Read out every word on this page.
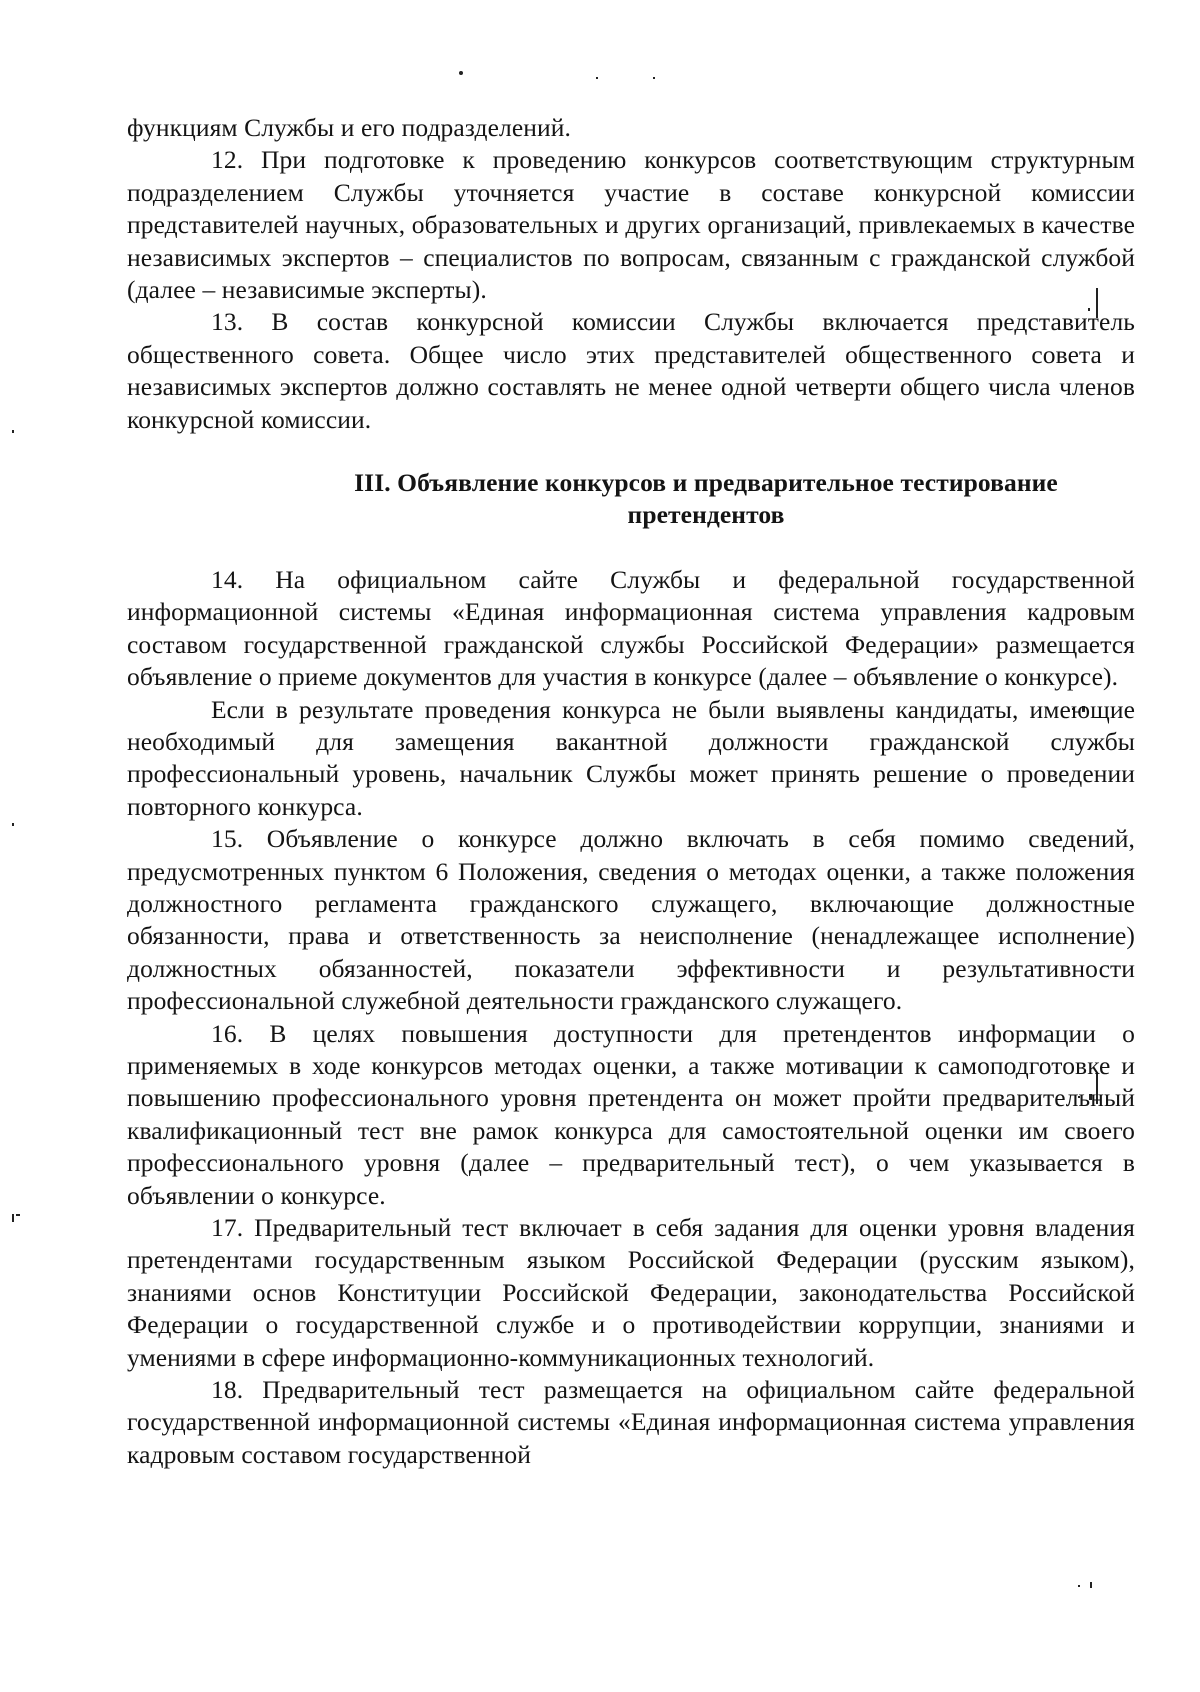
функциям Службы и его подразделений.

12. При подготовке к проведению конкурсов соответствующим структурным подразделением Службы уточняется участие в составе конкурсной комиссии представителей научных, образовательных и других организаций, привлекаемых в качестве независимых экспертов – специалистов по вопросам, связанным с гражданской службой (далее – независимые эксперты).

13. В состав конкурсной комиссии Службы включается представитель общественного совета. Общее число этих представителей общественного совета и независимых экспертов должно составлять не менее одной четверти общего числа членов конкурсной комиссии.

III. Объявление конкурсов и предварительное тестирование
претендентов

14. На официальном сайте Службы и федеральной государственной информационной системы «Единая информационная система управления кадровым составом государственной гражданской службы Российской Федерации» размещается объявление о приеме документов для участия в конкурсе (далее – объявление о конкурсе).

Если в результате проведения конкурса не были выявлены кандидаты, имеющие необходимый для замещения вакантной должности гражданской службы профессиональный уровень, начальник Службы может принять решение о проведении повторного конкурса.

15. Объявление о конкурсе должно включать в себя помимо сведений, предусмотренных пунктом 6 Положения, сведения о методах оценки, а также положения должностного регламента гражданского служащего, включающие должностные обязанности, права и ответственность за неисполнение (ненадлежащее исполнение) должностных обязанностей, показатели эффективности и результативности профессиональной служебной деятельности гражданского служащего.

16. В целях повышения доступности для претендентов информации о применяемых в ходе конкурсов методах оценки, а также мотивации к самоподготовке и повышению профессионального уровня претендента он может пройти предварительный квалификационный тест вне рамок конкурса для самостоятельной оценки им своего профессионального уровня (далее – предварительный тест), о чем указывается в объявлении о конкурсе.

17. Предварительный тест включает в себя задания для оценки уровня владения претендентами государственным языком Российской Федерации (русским языком), знаниями основ Конституции Российской Федерации, законодательства Российской Федерации о государственной службе и о противодействии коррупции, знаниями и умениями в сфере информационно-коммуникационных технологий.

18. Предварительный тест размещается на официальном сайте федеральной государственной информационной системы «Единая информационная система управления кадровым составом государственной
